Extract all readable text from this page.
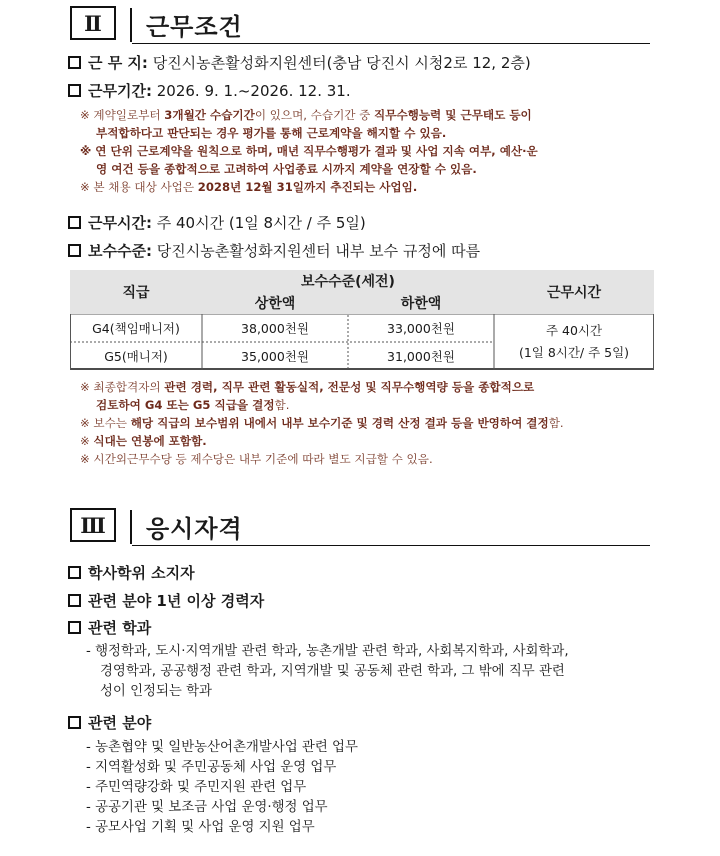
Ⅱ	근무조건
근 무 지: 당진시농촌활성화지원센터(충남 당진시 시청2로 12, 2층)
근무기간: 2026. 9. 1.~2026. 12. 31.
※ 계약일로부터 3개월간 수습기간이 있으며, 수습기간 중 직무수행능력 및 근무태도 등이
부적합하다고 판단되는 경우 평가를 통해 근로계약을 해지할 수 있음.
※ 연 단위 근로계약을 원칙으로 하며, 매년 직무수행평가 결과 및 사업 지속 여부, 예산·운
영 여건 등을 종합적으로 고려하여 사업종료 시까지 계약을 연장할 수 있음.
※ 본 채용 대상 사업은 2028년 12월 31일까지 추진되는 사업임.
근무시간: 주 40시간 (1일 8시간 / 주 5일)
보수수준: 당진시농촌활성화지원센터 내부 보수 규정에 따름
직급
보수수준(세전)
상한액	하한액
근무시간
G4(책임매니저)	38,000천원	33,000천원
G5(매니저)	35,000천원	31,000천원
주 40시간
(1일 8시간/ 주 5일)
※ 최종합격자의 관련 경력, 직무 관련 활동실적, 전문성 및 직무수행역량 등을 종합적으로
검토하여 G4 또는 G5 직급을 결정함.
※ 보수는 해당 직급의 보수범위 내에서 내부 보수기준 및 경력 산정 결과 등을 반영하여 결정함.
※ 식대는 연봉에 포함함.
※ 시간외근무수당 등 제수당은 내부 기준에 따라 별도 지급할 수 있음.
Ⅲ	응시자격
학사학위 소지자
관련 분야 1년 이상 경력자
관련 학과
- 행정학과, 도시·지역개발 관련 학과, 농촌개발 관련 학과, 사회복지학과, 사회학과,
경영학과, 공공행정 관련 학과, 지역개발 및 공동체 관련 학과, 그 밖에 직무 관련
성이 인정되는 학과
관련 분야
- 농촌협약 및 일반농산어촌개발사업 관련 업무
- 지역활성화 및 주민공동체 사업 운영 업무
- 주민역량강화 및 주민지원 관련 업무
- 공공기관 및 보조금 사업 운영·행정 업무
- 공모사업 기획 및 사업 운영 지원 업무
